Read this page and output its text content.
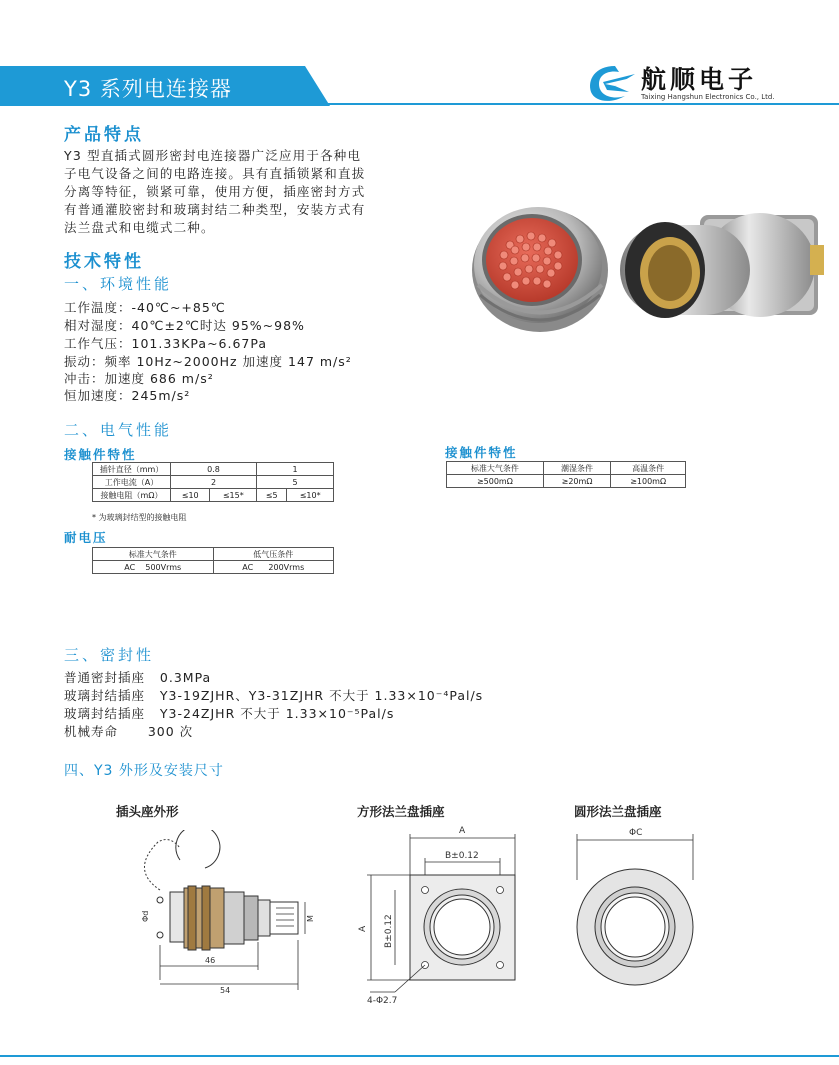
Y3 系列电连接器	航顺电子
Taixing Hangshun Electronics Co., Ltd.
产品特点
Y3 型直插式圆形密封电连接器广泛应用于各种电
子电气设备之间的电路连接。具有直插锁紧和直拔
分离等特征，锁紧可靠，使用方便，插座密封方式
有普通灌胶密封和玻璃封结二种类型，安装方式有
法兰盘式和电缆式二种。
技术特性
一、环境性能
工作温度：-40℃~+85℃
相对湿度：40℃±2℃时达 95%~98%
工作气压：101.33KPa~6.67Pa
振动：频率 10Hz~2000Hz 加速度 147 m/s²
冲击：加速度 686 m/s²
恒加速度：245m/s²
二、电气性能
接触件特性	接触件特性
插针直径（mm）	0.8		1	
工作电流（A）	2		5	
接触电阻（mΩ）	≤10	≤15*	≤5	≤10*
* 为玻璃封结型的接触电阻
标准大气条件	潮湿条件	高温条件
≥500mΩ	≥20mΩ	≥100mΩ
耐电压
标准大气条件	低气压条件
AC    500Vrms	AC      200Vrms
三、密封性
普通密封插座   0.3MPa
玻璃封结插座   Y3-19ZJHR、Y3-31ZJHR 不大于 1.33×10⁻⁴Pal/s
玻璃封结插座   Y3-24ZJHR 不大于 1.33×10⁻⁵Pal/s
机械寿命      300 次
四、Y3 外形及安装尺寸
插头座外形	方形法兰盘插座	圆形法兰盘插座
Φd	M
46
54
A
B±0.12
A B±0.12
4-Φ2.7
ΦC
